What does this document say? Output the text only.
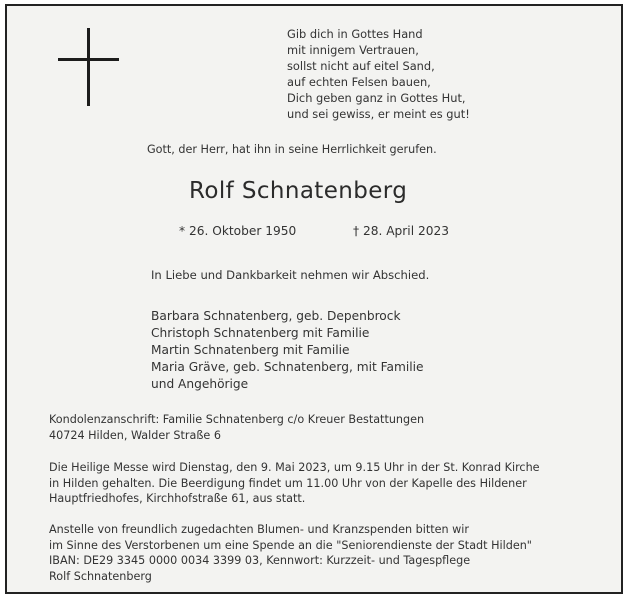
Gib dich in Gottes Hand
mit innigem Vertrauen,
sollst nicht auf eitel Sand,
auf echten Felsen bauen,
Dich geben ganz in Gottes Hut,
und sei gewiss, er meint es gut!
Gott, der Herr, hat ihn in seine Herrlichkeit gerufen.
Rolf Schnatenberg
* 26. Oktober 1950	† 28. April 2023
In Liebe und Dankbarkeit nehmen wir Abschied.
Barbara Schnatenberg, geb. Depenbrock
Christoph Schnatenberg mit Familie
Martin Schnatenberg mit Familie
Maria Gräve, geb. Schnatenberg, mit Familie
und Angehörige
Kondolenzanschrift: Familie Schnatenberg c/o Kreuer Bestattungen
40724 Hilden, Walder Straße 6
Die Heilige Messe wird Dienstag, den 9. Mai 2023, um 9.15 Uhr in der St. Konrad Kirche
in Hilden gehalten. Die Beerdigung findet um 11.00 Uhr von der Kapelle des Hildener
Hauptfriedhofes, Kirchhofstraße 61, aus statt.
Anstelle von freundlich zugedachten Blumen- und Kranzspenden bitten wir
im Sinne des Verstorbenen um eine Spende an die "Seniorendienste der Stadt Hilden"
IBAN: DE29 3345 0000 0034 3399 03, Kennwort: Kurzzeit- und Tagespflege
Rolf Schnatenberg
